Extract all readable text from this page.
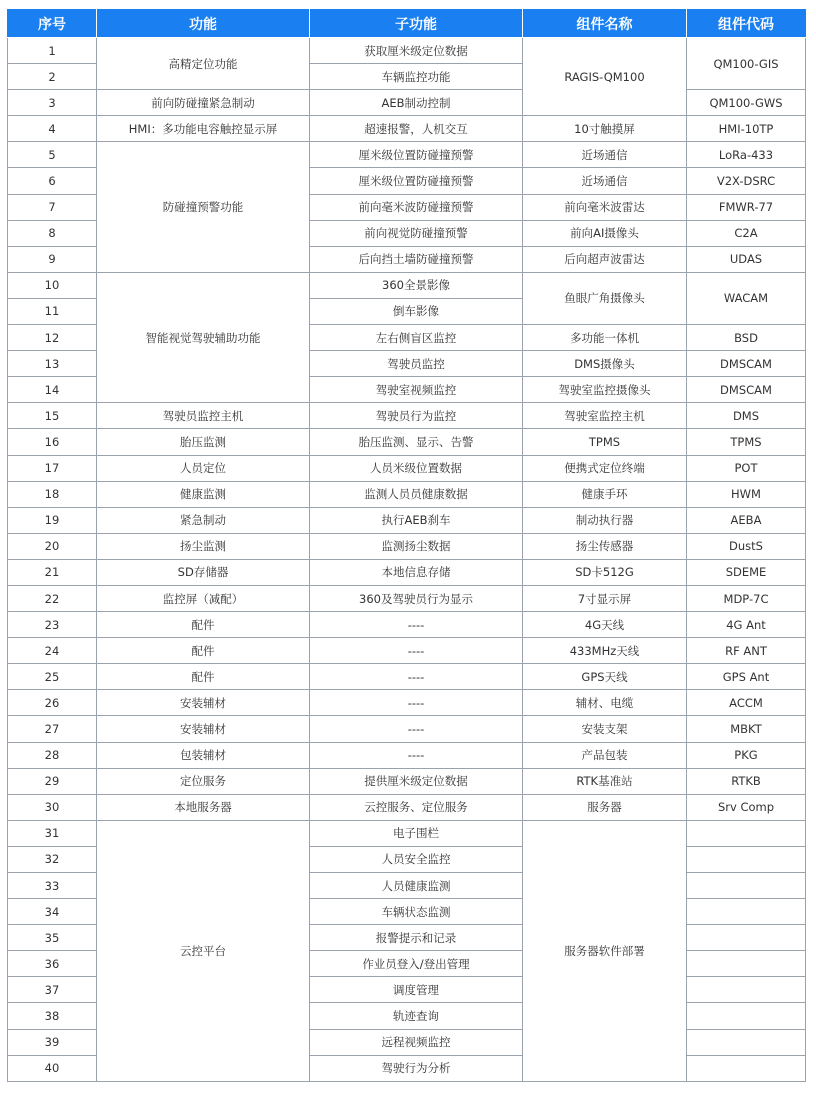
序号	功能	子功能	组件名称	组件代码
1	高精定位功能	获取厘米级定位数据	RAGIS-QM100	QM100-GIS
2		车辆监控功能		
3	前向防碰撞紧急制动	AEB制动控制		QM100-GWS
4	HMI：多功能电容触控显示屏	超速报警，人机交互	10寸触摸屏	HMI-10TP
5	防碰撞预警功能	厘米级位置防碰撞预警	近场通信	LoRa-433
6		厘米级位置防碰撞预警	近场通信	V2X-DSRC
7		前向毫米波防碰撞预警	前向毫米波雷达	FMWR-77
8		前向视觉防碰撞预警	前向AI摄像头	C2A
9		后向挡土墙防碰撞预警	后向超声波雷达	UDAS
10	智能视觉驾驶辅助功能	360全景影像	鱼眼广角摄像头	WACAM
11		倒车影像		
12		左右侧盲区监控	多功能一体机	BSD
13		驾驶员监控	DMS摄像头	DMSCAM
14		驾驶室视频监控	驾驶室监控摄像头	DMSCAM
15	驾驶员监控主机	驾驶员行为监控	驾驶室监控主机	DMS
16	胎压监测	胎压监测、显示、告警	TPMS	TPMS
17	人员定位	人员米级位置数据	便携式定位终端	POT
18	健康监测	监测人员员健康数据	健康手环	HWM
19	紧急制动	执行AEB刹车	制动执行器	AEBA
20	扬尘监测	监测扬尘数据	扬尘传感器	DustS
21	SD存储器	本地信息存储	SD卡512G	SDEME
22	监控屏（减配）	360及驾驶员行为显示	7寸显示屏	MDP-7C
23	配件	----	4G天线	4G Ant
24	配件	----	433MHz天线	RF ANT
25	配件	----	GPS天线	GPS Ant
26	安装辅材	----	辅材、电缆	ACCM
27	安装辅材	----	安装支架	MBKT
28	包装辅材	----	产品包装	PKG
29	定位服务	提供厘米级定位数据	RTK基准站	RTKB
30	本地服务器	云控服务、定位服务	服务器	Srv Comp
31	云控平台	电子围栏	服务器软件部署	
32		人员安全监控		
33		人员健康监测		
34		车辆状态监测		
35		报警提示和记录		
36		作业员登入/登出管理		
37		调度管理		
38		轨迹查询		
39		远程视频监控		
40		驾驶行为分析		
